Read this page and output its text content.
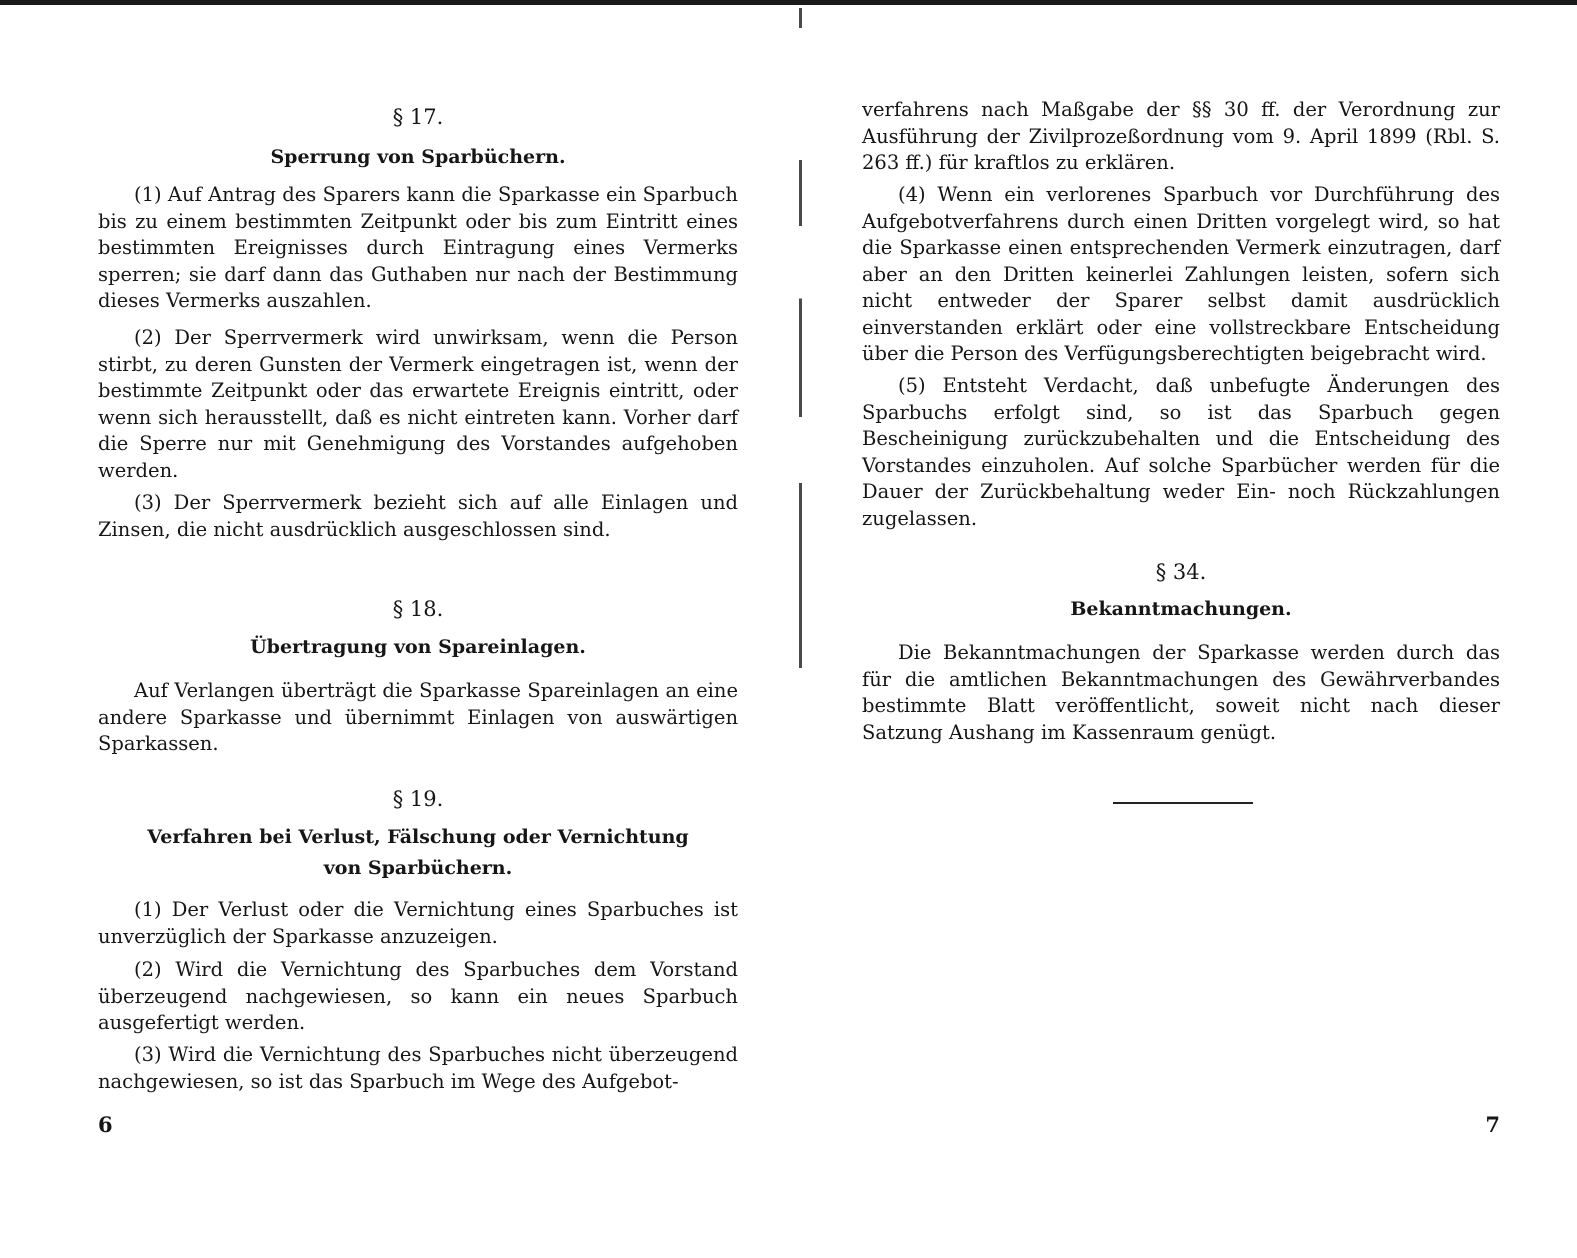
§ 17.
Sperrung von Sparbüchern.

(1) Auf Antrag des Sparers kann die Sparkasse ein Sparbuch bis zu einem bestimmten Zeitpunkt oder bis zum Eintritt eines bestimmten Ereignisses durch Eintragung eines Vermerks sperren; sie darf dann das Guthaben nur nach der Bestimmung dieses Vermerks auszahlen.

(2) Der Sperrvermerk wird unwirksam, wenn die Person stirbt, zu deren Gunsten der Vermerk eingetragen ist, wenn der bestimmte Zeitpunkt oder das erwartete Ereignis eintritt, oder wenn sich herausstellt, daß es nicht eintreten kann. Vorher darf die Sperre nur mit Genehmigung des Vorstandes aufgehoben werden.

(3) Der Sperrvermerk bezieht sich auf alle Einlagen und Zinsen, die nicht ausdrücklich ausgeschlossen sind.

§ 18.
Übertragung von Spareinlagen.

Auf Verlangen überträgt die Sparkasse Spareinlagen an eine andere Sparkasse und übernimmt Einlagen von auswärtigen Sparkassen.

§ 19.
Verfahren bei Verlust, Fälschung oder Vernichtung
von Sparbüchern.

(1) Der Verlust oder die Vernichtung eines Sparbuches ist unverzüglich der Sparkasse anzuzeigen.

(2) Wird die Vernichtung des Sparbuches dem Vorstand überzeugend nachgewiesen, so kann ein neues Sparbuch ausgefertigt werden.

(3) Wird die Vernichtung des Sparbuches nicht überzeugend nachgewiesen, so ist das Sparbuch im Wege des Aufgebot-

6

verfahrens nach Maßgabe der §§ 30 ff. der Verordnung zur Ausführung der Zivilprozeßordnung vom 9. April 1899 (Rbl. S. 263 ff.) für kraftlos zu erklären.

(4) Wenn ein verlorenes Sparbuch vor Durchführung des Aufgebotverfahrens durch einen Dritten vorgelegt wird, so hat die Sparkasse einen entsprechenden Vermerk einzutragen, darf aber an den Dritten keinerlei Zahlungen leisten, sofern sich nicht entweder der Sparer selbst damit ausdrücklich einverstanden erklärt oder eine vollstreckbare Entscheidung über die Person des Verfügungsberechtigten beigebracht wird.

(5) Entsteht Verdacht, daß unbefugte Änderungen des Sparbuchs erfolgt sind, so ist das Sparbuch gegen Bescheinigung zurückzubehalten und die Entscheidung des Vorstandes einzuholen. Auf solche Sparbücher werden für die Dauer der Zurückbehaltung weder Ein- noch Rückzahlungen zugelassen.

§ 34.
Bekanntmachungen.

Die Bekanntmachungen der Sparkasse werden durch das für die amtlichen Bekanntmachungen des Gewährverbandes bestimmte Blatt veröffentlicht, soweit nicht nach dieser Satzung Aushang im Kassenraum genügt.

7
